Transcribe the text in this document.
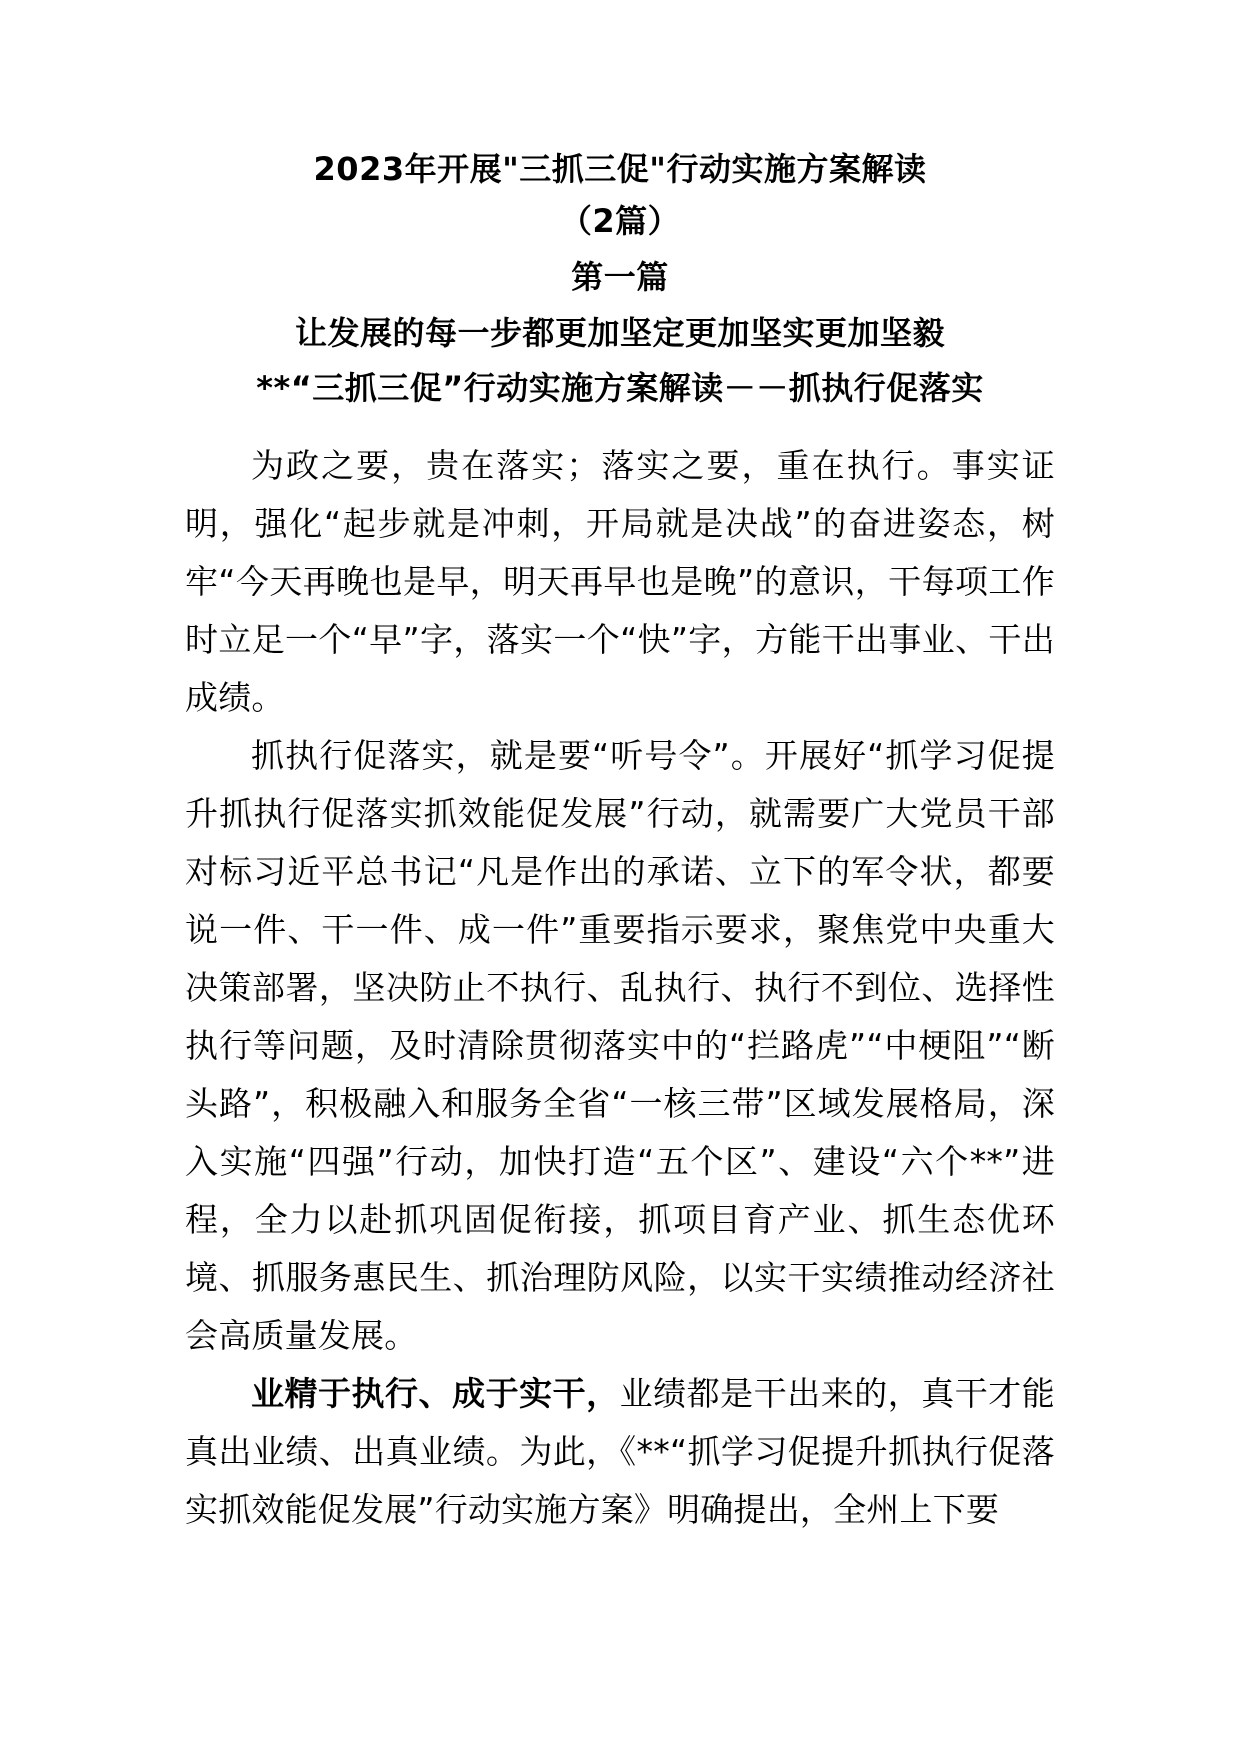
2023年开展"三抓三促"行动实施方案解读
（2篇）
第一篇
让发展的每一步都更加坚定更加坚实更加坚毅
**“三抓三促”行动实施方案解读－－抓执行促落实

为政之要，贵在落实；落实之要，重在执行。事实证明，强化“起步就是冲刺，开局就是决战”的奋进姿态，树牢“今天再晚也是早，明天再早也是晚”的意识，干每项工作时立足一个“早”字，落实一个“快”字，方能干出事业、干出成绩。

抓执行促落实，就是要“听号令”。开展好“抓学习促提升抓执行促落实抓效能促发展”行动，就需要广大党员干部对标习近平总书记“凡是作出的承诺、立下的军令状，都要说一件、干一件、成一件”重要指示要求，聚焦党中央重大决策部署，坚决防止不执行、乱执行、执行不到位、选择性执行等问题，及时清除贯彻落实中的“拦路虎”“中梗阻”“断头路”，积极融入和服务全省“一核三带”区域发展格局，深入实施“四强”行动，加快打造“五个区”、建设“六个**”进程，全力以赴抓巩固促衔接，抓项目育产业、抓生态优环境、抓服务惠民生、抓治理防风险，以实干实绩推动经济社会高质量发展。

业精于执行、成于实干，业绩都是干出来的，真干才能真出业绩、出真业绩。为此，《**“抓学习促提升抓执行促落实抓效能促发展”行动实施方案》明确提出，全州上下要
